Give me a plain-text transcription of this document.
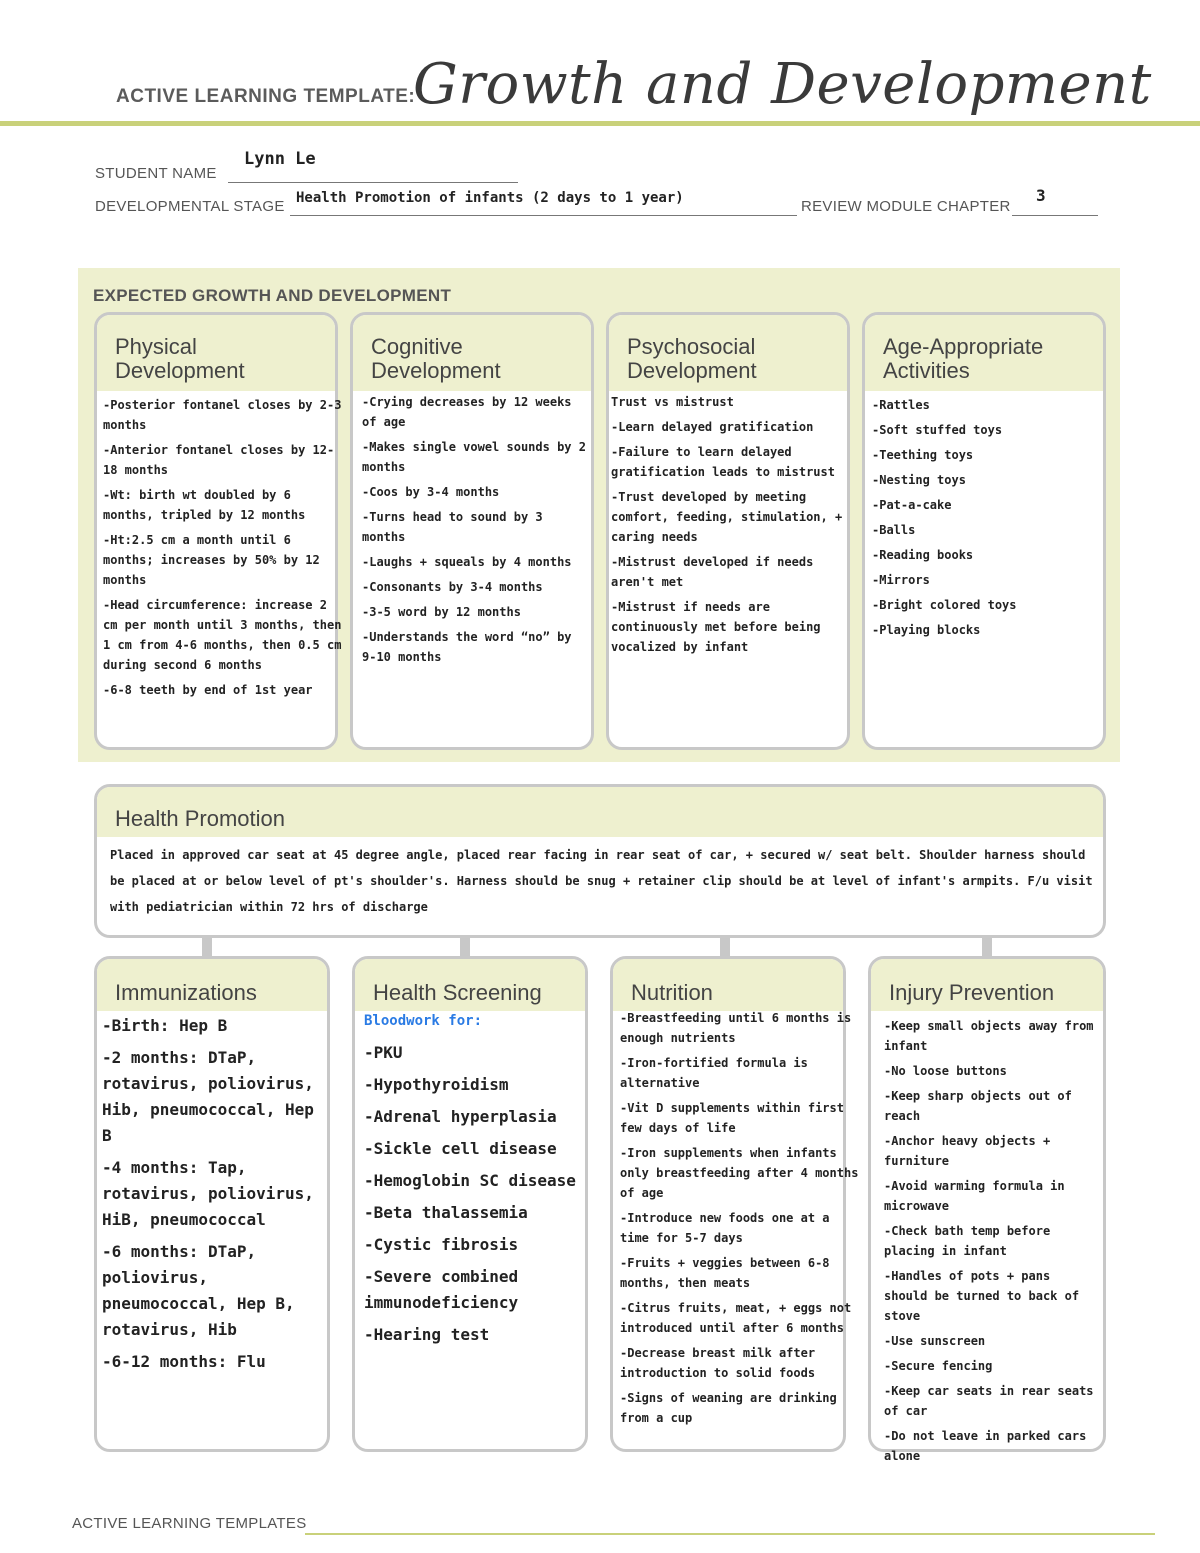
ACTIVE LEARNING TEMPLATE:
Growth and Development
STUDENT NAME
Lynn Le
DEVELOPMENTAL STAGE Health Promotion of infants (2 days to 1 year)	REVIEW MODULE CHAPTER
3
EXPECTED GROWTH AND DEVELOPMENT
Physical
Development
-Posterior fontanel closes by 2-3 months
-Anterior fontanel closes by 12-18 months
-Wt: birth wt doubled by 6 months, tripled by 12 months
-Ht:2.5 cm a month until 6 months; increases by 50% by 12 months
-Head circumference: increase 2 cm per month until 3 months, then 1 cm from 4-6 months, then 0.5 cm during second 6 months
-6-8 teeth by end of 1st year
Cognitive
Development
-Crying decreases by 12 weeks of age
-Makes single vowel sounds by 2 months
-Coos by 3-4 months
-Turns head to sound by 3 months
-Laughs + squeals by 4 months
-Consonants by 3-4 months
-3-5 word by 12 months
-Understands the word “no” by 9-10 months
Psychosocial
Development
Trust vs mistrust
-Learn delayed gratification
-Failure to learn delayed gratification leads to mistrust
-Trust developed by meeting comfort, feeding, stimulation, + caring needs
-Mistrust developed if needs aren't met
-Mistrust if needs are continuously met before being vocalized by infant
Age-Appropriate
Activities
-Rattles
-Soft stuffed toys
-Teething toys
-Nesting toys
-Pat-a-cake
-Balls
-Reading books
-Mirrors
-Bright colored toys
-Playing blocks
Health Promotion
Placed in approved car seat at 45 degree angle, placed rear facing in rear seat of car, + secured w/ seat belt. Shoulder harness should be placed at or below level of pt's shoulder's. Harness should be snug + retainer clip should be at level of infant's armpits. F/u visit with pediatrician within 72 hrs of discharge
Immunizations
-Birth: Hep B
-2 months: DTaP, rotavirus, poliovirus, Hib, pneumococcal, Hep B
-4 months: Tap, rotavirus, poliovirus, HiB, pneumococcal
-6 months: DTaP, poliovirus, pneumococcal, Hep B, rotavirus, Hib
-6-12 months: Flu
Health Screening
Bloodwork for:
-PKU
-Hypothyroidism
-Adrenal hyperplasia
-Sickle cell disease
-Hemoglobin SC disease
-Beta thalassemia
-Cystic fibrosis
-Severe combined immunodeficiency
-Hearing test
Nutrition
-Breastfeeding until 6 months is enough nutrients
-Iron-fortified formula is alternative
-Vit D supplements within first few days of life
-Iron supplements when infants only breastfeeding after 4 months of age
-Introduce new foods one at a time for 5-7 days
-Fruits + veggies between 6-8 months, then meats
-Citrus fruits, meat, + eggs not introduced until after 6 months
-Decrease breast milk after introduction to solid foods
-Signs of weaning are drinking from a cup
Injury Prevention
-Keep small objects away from infant
-No loose buttons
-Keep sharp objects out of reach
-Anchor heavy objects + furniture
-Avoid warming formula in microwave
-Check bath temp before placing in infant
-Handles of pots + pans should be turned to back of stove
-Use sunscreen
-Secure fencing
-Keep car seats in rear seats of car
-Do not leave in parked cars alone
ACTIVE LEARNING TEMPLATES
